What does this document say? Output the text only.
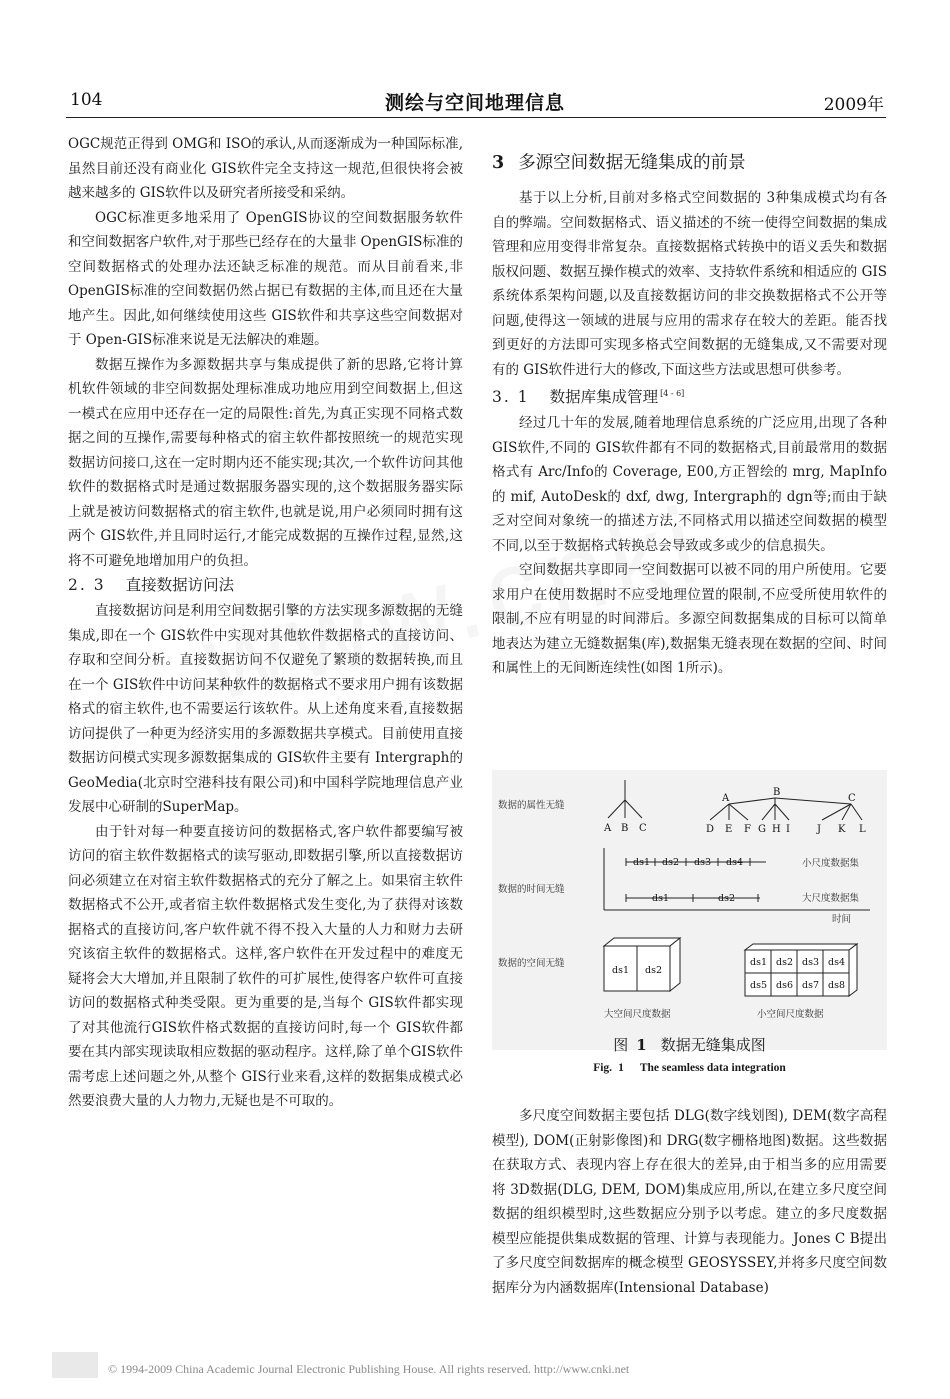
104	测绘与空间地理信息	2009年

OGC规范正得到 OMG和 ISO的承认,从而逐渐成为一种国际标准,虽然目前还没有商业化 GIS软件完全支持这一规范,但很快将会被越来越多的 GIS软件以及研究者所接受和采纳。

OGC标准更多地采用了 OpenGIS协议的空间数据服务软件和空间数据客户软件,对于那些已经存在的大量非 OpenGIS标准的空间数据格式的处理办法还缺乏标准的规范。而从目前看来,非 OpenGIS标准的空间数据仍然占据已有数据的主体,而且还在大量地产生。因此,如何继续使用这些 GIS软件和共享这些空间数据对于 Open-GIS标准来说是无法解决的难题。

数据互操作为多源数据共享与集成提供了新的思路,它将计算机软件领域的非空间数据处理标准成功地应用到空间数据上,但这一模式在应用中还存在一定的局限性:首先,为真正实现不同格式数据之间的互操作,需要每种格式的宿主软件都按照统一的规范实现数据访问接口,这在一定时期内还不能实现;其次,一个软件访问其他软件的数据格式时是通过数据服务器实现的,这个数据服务器实际上就是被访问数据格式的宿主软件,也就是说,用户必须同时拥有这两个 GIS软件,并且同时运行,才能完成数据的互操作过程,显然,这将不可避免地增加用户的负担。

2. 3 直接数据访问法

直接数据访问是利用空间数据引擎的方法实现多源数据的无缝集成,即在一个 GIS软件中实现对其他软件数据格式的直接访问、存取和空间分析。直接数据访问不仅避免了繁琐的数据转换,而且在一个 GIS软件中访问某种软件的数据格式不要求用户拥有该数据格式的宿主软件,也不需要运行该软件。从上述角度来看,直接数据访问提供了一种更为经济实用的多源数据共享模式。目前使用直接数据访问模式实现多源数据集成的 GIS软件主要有 Intergraph的 GeoMedia(北京时空港科技有限公司)和中国科学院地理信息产业发展中心研制的SuperMap。

由于针对每一种要直接访问的数据格式,客户软件都要编写被访问的宿主软件数据格式的读写驱动,即数据引擎,所以直接数据访问必须建立在对宿主软件数据格式的充分了解之上。如果宿主软件数据格式不公开,或者宿主软件数据格式发生变化,为了获得对该数据格式的直接访问,客户软件就不得不投入大量的人力和财力去研究该宿主软件的数据格式。这样,客户软件在开发过程中的难度无疑将会大大增加,并且限制了软件的可扩展性,使得客户软件可直接访问的数据格式种类受限。更为重要的是,当每个 GIS软件都实现了对其他流行GIS软件格式数据的直接访问时,每一个 GIS软件都要在其内部实现读取相应数据的驱动程序。这样,除了单个GIS软件需考虑上述问题之外,从整个 GIS行业来看,这样的数据集成模式必然要浪费大量的人力物力,无疑也是不可取的。

3 多源空间数据无缝集成的前景

基于以上分析,目前对多格式空间数据的 3种集成模式均有各自的弊端。空间数据格式、语义描述的不统一使得空间数据的集成管理和应用变得非常复杂。直接数据格式转换中的语义丢失和数据版权问题、数据互操作模式的效率、支持软件系统和相适应的 GIS系统体系架构问题,以及直接数据访问的非交换数据格式不公开等问题,使得这一领域的进展与应用的需求存在较大的差距。能否找到更好的方法即可实现多格式空间数据的无缝集成,又不需要对现有的 GIS软件进行大的修改,下面这些方法或思想可供参考。

3. 1 数据库集成管理 [4 - 6]

经过几十年的发展,随着地理信息系统的广泛应用,出现了各种 GIS软件,不同的 GIS软件都有不同的数据格式,目前最常用的数据格式有 Arc/Info的 Coverage, E00,方正智绘的 mrg, MapInfo的 mif, AutoDesk的 dxf, dwg, Intergraph的 dgn等;而由于缺乏对空间对象统一的描述方法,不同格式用以描述空间数据的模型不同,以至于数据格式转换总会导致或多或少的信息损失。

空间数据共享即同一空间数据可以被不同的用户所使用。它要求用户在使用数据时不应受地理位置的限制,不应受所使用软件的限制,不应有明显的时间滞后。多源空间数据集成的目标可以简单地表达为建立无缝数据集(库),数据集无缝表现在数据的空间、时间和属性上的无间断连续性(如图 1所示)。

数据的属性无缝
A B C
A
B
C
D E F G H I	J K L
数据的时间无缝
ds1 ds2 ds3 ds4	小尺度数据集
ds1	ds2	大尺度数据集
时间
数据的空间无缝
ds1 ds2
大空间尺度数据
ds1 ds2 ds3 ds4
ds5 ds6 ds7 ds8
小空间尺度数据
图 1 数据无缝集成图
Fig. 1 The seamless data integration

多尺度空间数据主要包括 DLG(数字线划图), DEM(数字高程模型), DOM(正射影像图)和 DRG(数字栅格地图)数据。这些数据在获取方式、表现内容上存在很大的差异,由于相当多的应用需要将 3D数据(DLG, DEM, DOM)集成应用,所以,在建立多尺度空间数据的组织模型时,这些数据应分别予以考虑。建立的多尺度数据模型应能提供集成数据的管理、计算与表现能力。Jones C B提出了多尺度空间数据库的概念模型 GEOSYSSEY,并将多尺度空间数据库分为内涵数据库(Intensional Database)

© 1994-2009 China Academic Journal Electronic Publishing House. All rights reserved. http://www.cnki.net
